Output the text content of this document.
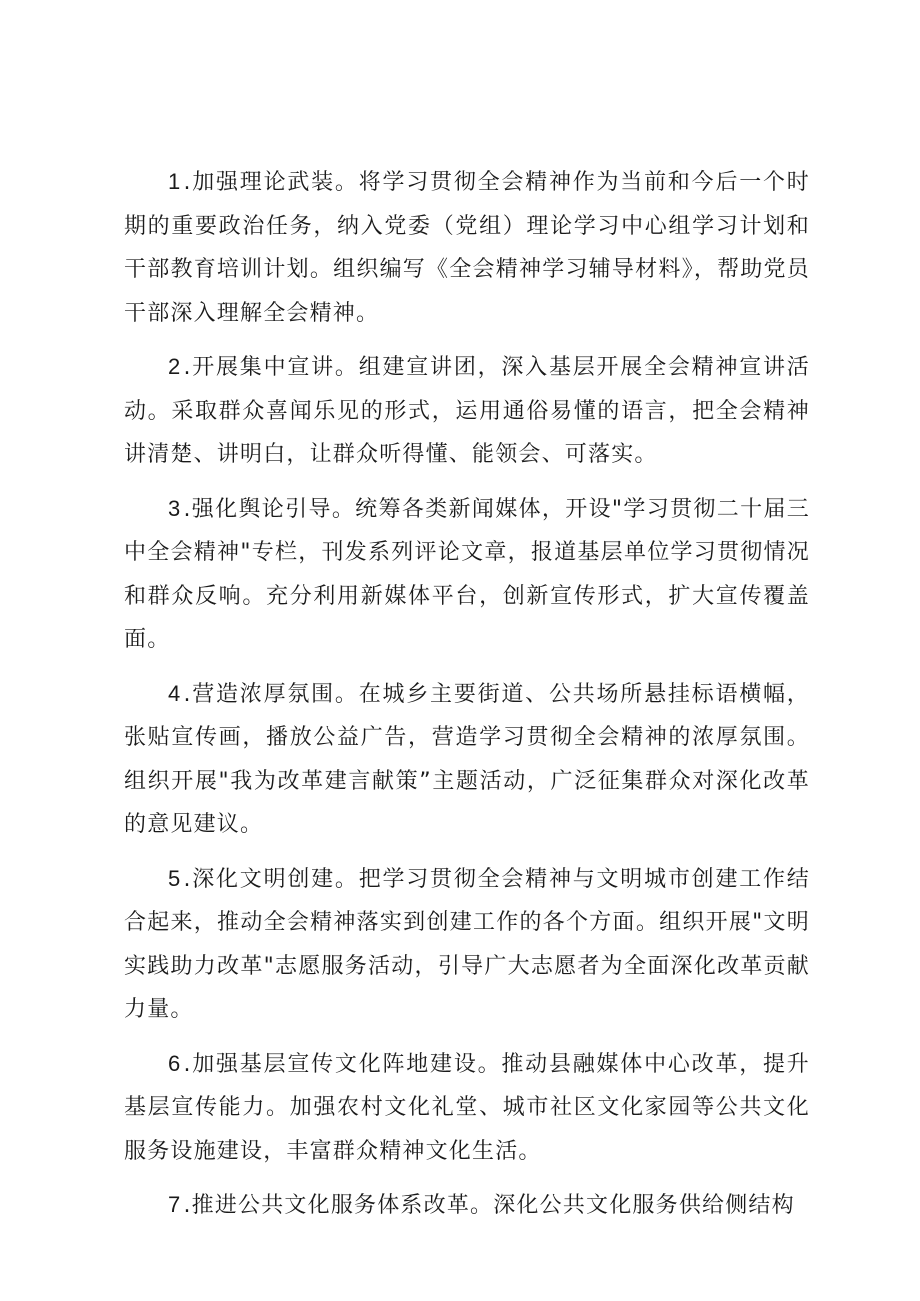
1.加强理论武装。将学习贯彻全会精神作为当前和今后一个时期的重要政治任务，纳入党委（党组）理论学习中心组学习计划和干部教育培训计划。组织编写《全会精神学习辅导材料》，帮助党员干部深入理解全会精神。

2.开展集中宣讲。组建宣讲团，深入基层开展全会精神宣讲活动。采取群众喜闻乐见的形式，运用通俗易懂的语言，把全会精神讲清楚、讲明白，让群众听得懂、能领会、可落实。

3.强化舆论引导。统筹各类新闻媒体，开设"学习贯彻二十届三中全会精神"专栏，刊发系列评论文章，报道基层单位学习贯彻情况和群众反响。充分利用新媒体平台，创新宣传形式，扩大宣传覆盖面。

4.营造浓厚氛围。在城乡主要街道、公共场所悬挂标语横幅，张贴宣传画，播放公益广告，营造学习贯彻全会精神的浓厚氛围。组织开展"我为改革建言献策”主题活动，广泛征集群众对深化改革的意见建议。

5.深化文明创建。把学习贯彻全会精神与文明城市创建工作结合起来，推动全会精神落实到创建工作的各个方面。组织开展"文明实践助力改革"志愿服务活动，引导广大志愿者为全面深化改革贡献力量。

6.加强基层宣传文化阵地建设。推动县融媒体中心改革，提升基层宣传能力。加强农村文化礼堂、城市社区文化家园等公共文化服务设施建设，丰富群众精神文化生活。

7.推进公共文化服务体系改革。深化公共文化服务供给侧结构
